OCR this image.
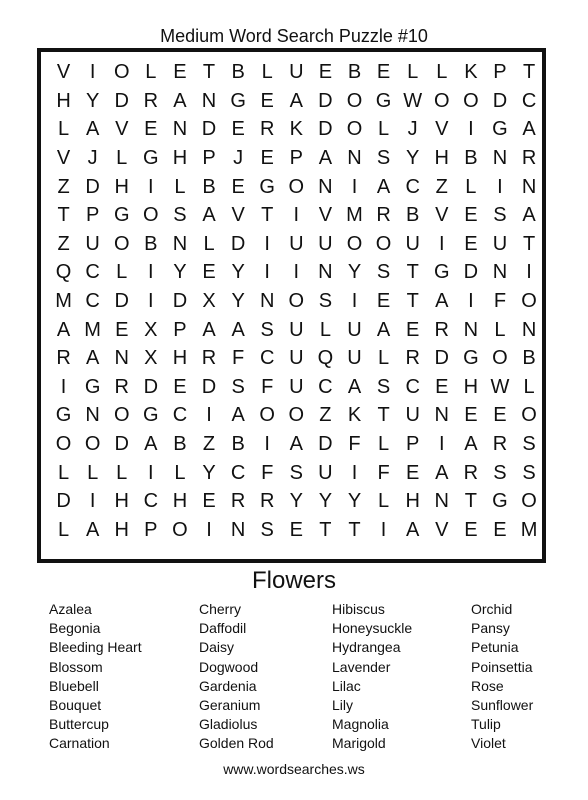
Medium Word Search Puzzle #10
V I O L E T B L U E B E L L K P T
H Y D R A N G E A D O G W O O D C
L A V E N D E R K D O L J V I G A
V J L G H P J E P A N S Y H B N R
Z D H I	L B E G O N I A C Z L	I N
T P G O S A V T	I V M R B V E S A
Z U O B N L D I U U O O U I E U T
Q C L	I Y E Y I	I N Y S T G D N I
M C D I D X Y N O S I E T A I	F O
A M E X P A A S U L U A E R N L N
R A N X H R F C U Q U L R D G O B
I G R D E D S F U C A S C E H W L
G N O G C I A O O Z K T U N E E O
O O D A B Z B I A D F L P I A R S
L L L	I	L Y C F S U I	F E A R S S
D I H C H E R R Y Y Y L H N T G O
L A H P O I N S E T T	I A V E E M
Flowers
Azalea
Begonia
Bleeding Heart
Blossom
Bluebell
Bouquet
Buttercup
Carnation
Cherry
Daffodil
Daisy
Dogwood
Gardenia
Geranium
Gladiolus
Golden Rod
Hibiscus
Honeysuckle
Hydrangea
Lavender
Lilac
Lily
Magnolia
Marigold
Orchid
Pansy
Petunia
Poinsettia
Rose
Sunflower
Tulip
Violet
www.wordsearches.ws
